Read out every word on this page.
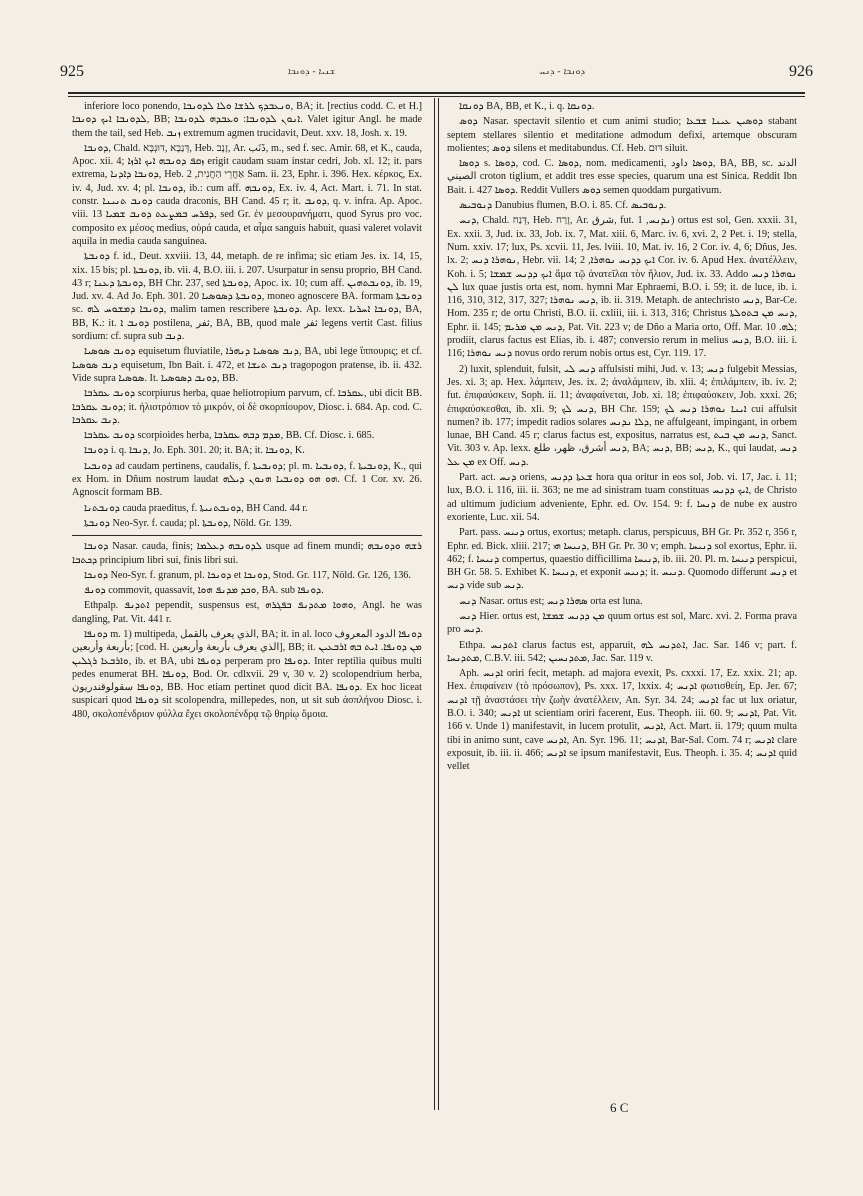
925	ܫܢܝܐ - ܕܘܢܒܐ	ܕܘܢܒܐ - ܕܢܚ	926

inferiore loco ponendo, ܘܢܥܒܕܟ ܠܪܫܐ ܘܠܐ ܠܕܘܢܒܐ, BA; it. [rectius codd. C. et H.] ܠܕܘܢܒܐ ܐܝܟ ܕܘܢܒܐ, BB; ܐܢܘܢ ܠܕܘܢܒܐ: ܘܥܒܕܗ ܠܕܘܢܒܐ. Valet igitur Angl. he made them the tail, sed Heb. ܙܢܒ extremum agmen trucidavit, Deut. xxv. 18, Josh. x. 19.

ܕܘܢܒܐ, Chald. דְּנַבָא ,דּוּנְבָּא, Heb. זָנָב, Ar. ذَنَب, m., sed f. sec. Amir. 68, et K., cauda, Apoc. xii. 4; ܙܩܦ ܕܘܢܒܗ ܐܝܟ ܐܪܙܐ erigit caudam suam instar cedri, Job. xl. 12; it. pars extrema, ܕܘܢܒܐ ܕܐܕܢܐ, Heb. אַחֲרֵי הַחֲנִית, 2 Sam. ii. 23, Ephr. i. 396. Hex. κέρκος, Ex. iv. 4, Jud. xv. 4; pl. ܕܘܢܒܐ, ib.: cum aff. ܕܘܢܒܗ, Ex. iv. 4, Act. Mart. i. 71. In stat. constr. ܕܘܢܒ ܬܢܝܢܐ cauda draconis, BH Cand. 45 r; it. ܕܘܢܒ, q. v. infra. Ap. Apoc. viii. 13 ܕܦܪܚ ܒܡܨܥܬ ܕܘܢܒ ܫܡܝܐ, sed Gr. ἐν μεσουρανήματι, quod Syrus pro voc. composito ex μέσος medius, οὐρά cauda, et αἷμα sanguis habuit, quasi valeret volavit aquila in media cauda sanguinea.

ܕܘܢܒܬܐ f. id., Deut. xxviii. 13, 44, metaph. de re infima; sic etiam Jes. ix. 14, 15, xix. 15 bis; pl. ܕܘܢܒܬܐ, ib. vii. 4, B.O. iii. i. 207. Usurpatur in sensu proprio, BH Cand. 43 r; ܕܘܢܒܬܐ ܕܥܢܐ, BH Chr. 237, sed ܕܘܢܒܬܐ, Apoc. ix. 10; cum aff. ܕܘܢܒܬܗܝܢ, ib. 19, Jud. xv. 4. Ad Jo. Eph. 301. 20 ܕܘܢܒܬܐ ܕܣܘܣܝܐ, moneo agnoscere BA. formam ܕܘܢܒܬܐ sc. ܕܘܢܒܐ ܕܡܫܘܚ ܠܗ, malim tamen rescribere ܕܘܢܒܬܐ. Ap. lexx. ܕܘܢܒܐ ܐܚܪܝܐ, BA, BB, K.: it. ܕܘܢܒ ܐ postilena, ثفر, BA, BB, quod male ثفر legens vertit Cast. filius sordium: cf. supra sub ܕܢܒ.

ܕܘܢܒ ܣܘܣܝܐ equisetum fluviatile, ܕܢܒ ܣܘܣܝܐ ܕܢܗܪܐ, BA, ubi lege ἵππουρις; et cf. ܕܢܒ ܣܘܣܝܐ equisetum, Ibn Bait. i. 472, et ܕܢܒ ܬܝܫܐ tragopogon pratense, ib. ii. 432. Vide supra ܣܘܣܝܐ. It. ܕܘܢܒ ܕܣܘܣܝܐ, BB.

ܕܘܢܒ ܥܩܪܒܐ scorpiurus herba, quae heliotropium parvum, cf. ܥܩܪܒܐ, ubi dicit BB. ܕܘܢܒ ܥܩܪܒܐ; it. ἡλιοτρόπιον τὸ μικρόν, οἱ δὲ σκορπίουρον, Diosc. i. 684. Ap. cod. C. ܕܢܒ ܥܩܪܒܐ.

ܕܘܢܒ ܥܩܪܒܐ scorpioides herba, ܡܕܡ ܕܒܗ ܥܩܪܒܐ, BB. Cf. Diosc. i. 685.

ܕܘܢܒܐ i. q. ܕܢܒܐ, Jo. Eph. 301. 20; it. BA; it. ܕܘܢܒܐ, K.

ܕܘܢܒܝܐ ad caudam pertinens, caudalis, f. ܕܘܢܒܝܬܐ; pl. m. ܕܘܢܒܝܐ, f. ܕܘܢܒܝܬܐ, K., qui ex Hom. in Dñum nostrum laudat ܗܘ ܗܘ ܕܘܢܒܝܐ ܗܢܘܢ ܕܝܠܗ. Cf. 1 Cor. xv. 26. Agnoscit formam BB.

ܕܘܢܒܬܢܐ cauda praeditus, f. ܕܘܢܒܬܢܝܬܐ, BH Cand. 44 r.

ܕܘܢܒܬܐ Neo-Syr. f. cauda; pl. ܕܘܢܒܬܐ, Nöld. Gr. 139.

ܕܘܢܒܐ Nasar. cauda, finis; ܠܕܘܢܒܗ ܕܥܠܡܐ usque ad finem mundi; ܪܫܗ ܘܕܘܢܒܗ ܕܟܬܒܐ principium libri sui, finis libri sui.

ܕܘܢܟܐ Neo-Syr. f. granum, pl. ܕܘܢܟܐ et ܕܘܢܟܐ, Stod. Gr. 117, Nöld. Gr. 126, 136.

ܕܘܢܦ commovit, quassavit, ܘܟܕ ܡܕܢܦ ܗܘܐ, BA. sub ܕܘܢܦܐ.

Ethpalp. ܐܬܕܢܦ pependit, suspensus est, ܘܗܘܐ ܡܬܕܢܦ ܒܦܓܪܗ, Angl. he was dangling, Pat. Vit. 441 r.

ܕܘܢܦܐ m. 1) multipeda, الذي يعرف بالقمل, BA; it. in al. loco ܕܘܢܦܐ الدود المعروف بأربعة وأربعين; [cod. H. الذي يعرف بأربعة وأربعين], BB; it. ܡܢ ܕܘܢܦܐ. ܐܝܬ ܒܗ ܐܪܒܥܝܢ ܘܐܪܒܥܐ ܪܓܠܝܢ, ib. et BA, ubi ܕܘܢܦܐ perperam pro ܕܘܢܦܐ. Inter reptilia quibus multi pedes enumerat BH. ܕܘܢܦܐ, Bod. Or. cdlxvii. 29 v, 30 v. 2) scolopendrium herba, ܕܘܢܦܐ سقولوقندريون, BB. Hoc etiam pertinet quod dicit BA. ܕܘܢܦܐ. Ex hoc liceat suspicari quod ܕܘܢܦܐ sit scolopendra, millepedes, non, ut sit sub ἀσπλήνου Diosc. i. 480, σκολοπένδριον φύλλα ἔχει σκολοπένδρᾳ τῷ θηρίῳ ὅμοια.

ܕܘܢܩܐ BA, BB, et K., i. q. ܕܘܢܩܐ.

ܕܘܣ Nasar. spectavit silentio et cum animi studio; ܕܘܣܝܢ ܥܝܢܐ ܫܒܥܐ stabant septem stellares silentio et meditatione admodum defixi, artemque obscuram molientes; ܕܘܣ silens et meditabundus. Cf. Heb. דּוּם siluit.

ܕܘܣܐ s. ܕܘܣܐ, cod. C. ܕܘܣܐ, nom. medicamenti, ܕܘܣܐ داود, BA, BB, sc. الدند الصيني croton tiglium, et addit tres esse species, quarum una est Sinica. Reddit Ibn Bait. i. 427 ܕܘܣܐ. Reddit Vullers ܕܘܣ semen quoddam purgativum.

ܕܢܘܒܝܣ Danubius flumen, B.O. i. 85. Cf. ܕܢܘܒܝܣ.

ܕܢܚ, Chald. דְּנַח, Heb. זָרַח, Ar. شرق, fut. ܢܕܢܚ, 1) ortus est sol, Gen. xxxii. 31, Ex. xxii. 3, Jud. ix. 33, Job. ix. 7, Mat. xiii. 6, Marc. iv. 6, xvi. 2, 2 Pet. i. 19; stella, Num. xxiv. 17; lux, Ps. xcvii. 11, Jes. lviii. 10, Mat. iv. 16, 2 Cor. iv. 4, 6; Dñus, Jes. lx. 2; ܢܘܗܪܐ ܕܢܚ, Hebr. vii. 14; ܐܝܟ ܕܕܢܚ ܢܘܗܪܐ, 2 Cor. iv. 6. Apud Hex. ἀνατέλλειν, Koh. i. 5; ܐܝܟ ܕܕܢܚ ܫܡܫܐ ἅμα τῷ ἀνατεῖλαι τὸν ἥλιον, Jud. ix. 33. Addo ܢܘܗܪܐ ܕܢܚ ܠܢ lux quae justis orta est, nom. hymni Mar Ephraemi, B.O. i. 59; it. de luce, ib. i. 116, 310, 312, 317, 327; ܕܢܚ ܢܘܗܪܐ, ib. ii. 319. Metaph. de antechristo ܕܢܚ, Bar-Ce. Hom. 235 r; de ortu Christi, B.O. ii. cxliii, iii. i. 313, 316; Christus ܕܢܚ ܡܢ ܒܬܘܠܬܐ, Ephr. ii. 145; ܕܢܚ ܡܢ ܡܪܝܡ, Pat. Vit. 223 v; de Dño a Maria orto, Off. Mar. ܠܗ. 10; prodiit, clarus factus est Elias, ib. i. 487; conversio rerum in melius ܕܢܚ, B.O. iii. i. 116; ܕܢܚ ܢܘܗܪܐ novus ordo rerum nobis ortus est, Cyr. 119. 17.

2) luxit, splenduit, fulsit, ܕܢܚ ܠܝ affulsisti mihi, Jud. v. 13; ܕܢܚ fulgebit Messias, Jes. xi. 3; ap. Hex. λάμπειν, Jes. ix. 2; ἀναλάμπειν, ib. xlii. 4; ἐπιλάμπειν, ib. iv. 2; fut. ἐπιφαύσκειν, Soph. ii. 11; ἀναφαίνεται, Job. xi. 18; ἐπιφαύσκειν, Job. xxxi. 26; ἐπιφαύσκεσθαι, ib. xli. 9; ܕܢܚ ܠܟ, BH Chr. 159; ܐܝܢܐ ܢܘܗܪܐ ܕܢܚ ܠܟ cui affulsit numen? ib. 177; impedit radios solares ܕܠܐ ܢܕܢܚ, ne affulgeant, impingant, in orbem lunae, BH Cand. 45 r; clarus factus est, expositus, narratus est, ܕܢܚ ܡܢ ܒܝܬ, Sanct. Vit. 303 v. Ap. lexx. ܕܢܚ أشرق، ظهر، طلع, BA; ܕܢܚ, BB; ܕܢܚ, K., qui laudat, ܕܢܚ ܡܢ ܥܠ ex Off. ܕܢܚ.

Part. act. ܕܢܚ oriens, ܫܥܬܐ ܕܕܢܚ hora qua oritur in eos sol, Job. vi. 17, Jac. i. 11; lux, B.O. i. 116, iii. ii. 363; ne me ad sinistram tuam constituas ܐܝܟ ܕܕܢܚ, de Christo ad ultimum judicium adveniente, Ephr. ed. Ov. 154. 9: f. ܕܢܚܐ de nube ex austro exoriente, Luc. xii. 54.

Part. pass. ܕܢܝܚ ortus, exortus; metaph. clarus, perspicuus, BH Gr. Pr. 352 r, 356 r, Ephr. ed. Bick. xliii. 217; ܕܢܝܚܐ ܗܝ, BH Gr. Pr. 30 v; emph. ܕܢܝܚܐ sol exortus, Ephr. ii. 462; f. ܕܢܝܚܐ compertus, quaestio difficillima ܕܢܝܚܐ, ib. iii. 20. Pl. m. ܕܢܝܚܐ perspicui, BH Gr. 58. 5. Exhibet K. ܕܢܝܚܐ, et exponit ܕܢܝܚ; it. ܕܢܝܚ. Quomodo differunt ܕܢܚ et ܕܢܚ vide sub ܕܢܚ.

ܕܢܚ Nasar. ortus est; ܣܗܪܐ ܕܢܚ orta est luna.

ܕܢܚ Hier. ortus est, ܡܢ ܕܕܢܚ ܫܡܫܐ quum ortus est sol, Marc. xvi. 2. Forma prava pro ܕܢܚ.

Ethpa. ܐܬܕܢܚ clarus factus est, apparuit, ܐܬܕܢܚ ܠܗ, Jac. Sar. 146 v; part. f. ܡܬܕܢܚܐ, C.B.V. iii. 542; ܡܬܕܢܚܝܢ, Jac. Sar. 119 v.

Aph. ܐܕܢܚ oriri fecit, metaph. ad majora evexit, Ps. cxxxi. 17, Ez. xxix. 21; ap. Hex. ἐπιφαίνειν (τὸ πρόσωπον), Ps. xxx. 17, lxxix. 4; ܐܕܢܚ φωτισθείη, Ep. Jer. 67; ܐܕܢܚ τῇ ἀναστάσει τὴν ζωὴν ἀνατέλλειν, An. Syr. 34. 24; ܐܕܢܚ fac ut lux oriatur, B.O. i. 340; ܐܕܢܚ ut scientiam oriri facerent, Eus. Theoph. iii. 60. 9; ܐܕܢܚ, Pat. Vit. 166 v. Unde 1) manifestavit, in lucem protulit, ܐܕܢܚ, Act. Mart. ii. 179; quum multa tibi in animo sunt, cave ܐܕܢܚ, An. Syr. 196. 11; ܐܕܢܚ, Bar-Sal. Com. 74 r; ܐܕܢܚ clare exposuit, ib. iii. ii. 466; ܐܕܢܚ se ipsum manifestavit, Eus. Theoph. i. 35. 4; ܐܕܢܚ quid vellet

6 C
